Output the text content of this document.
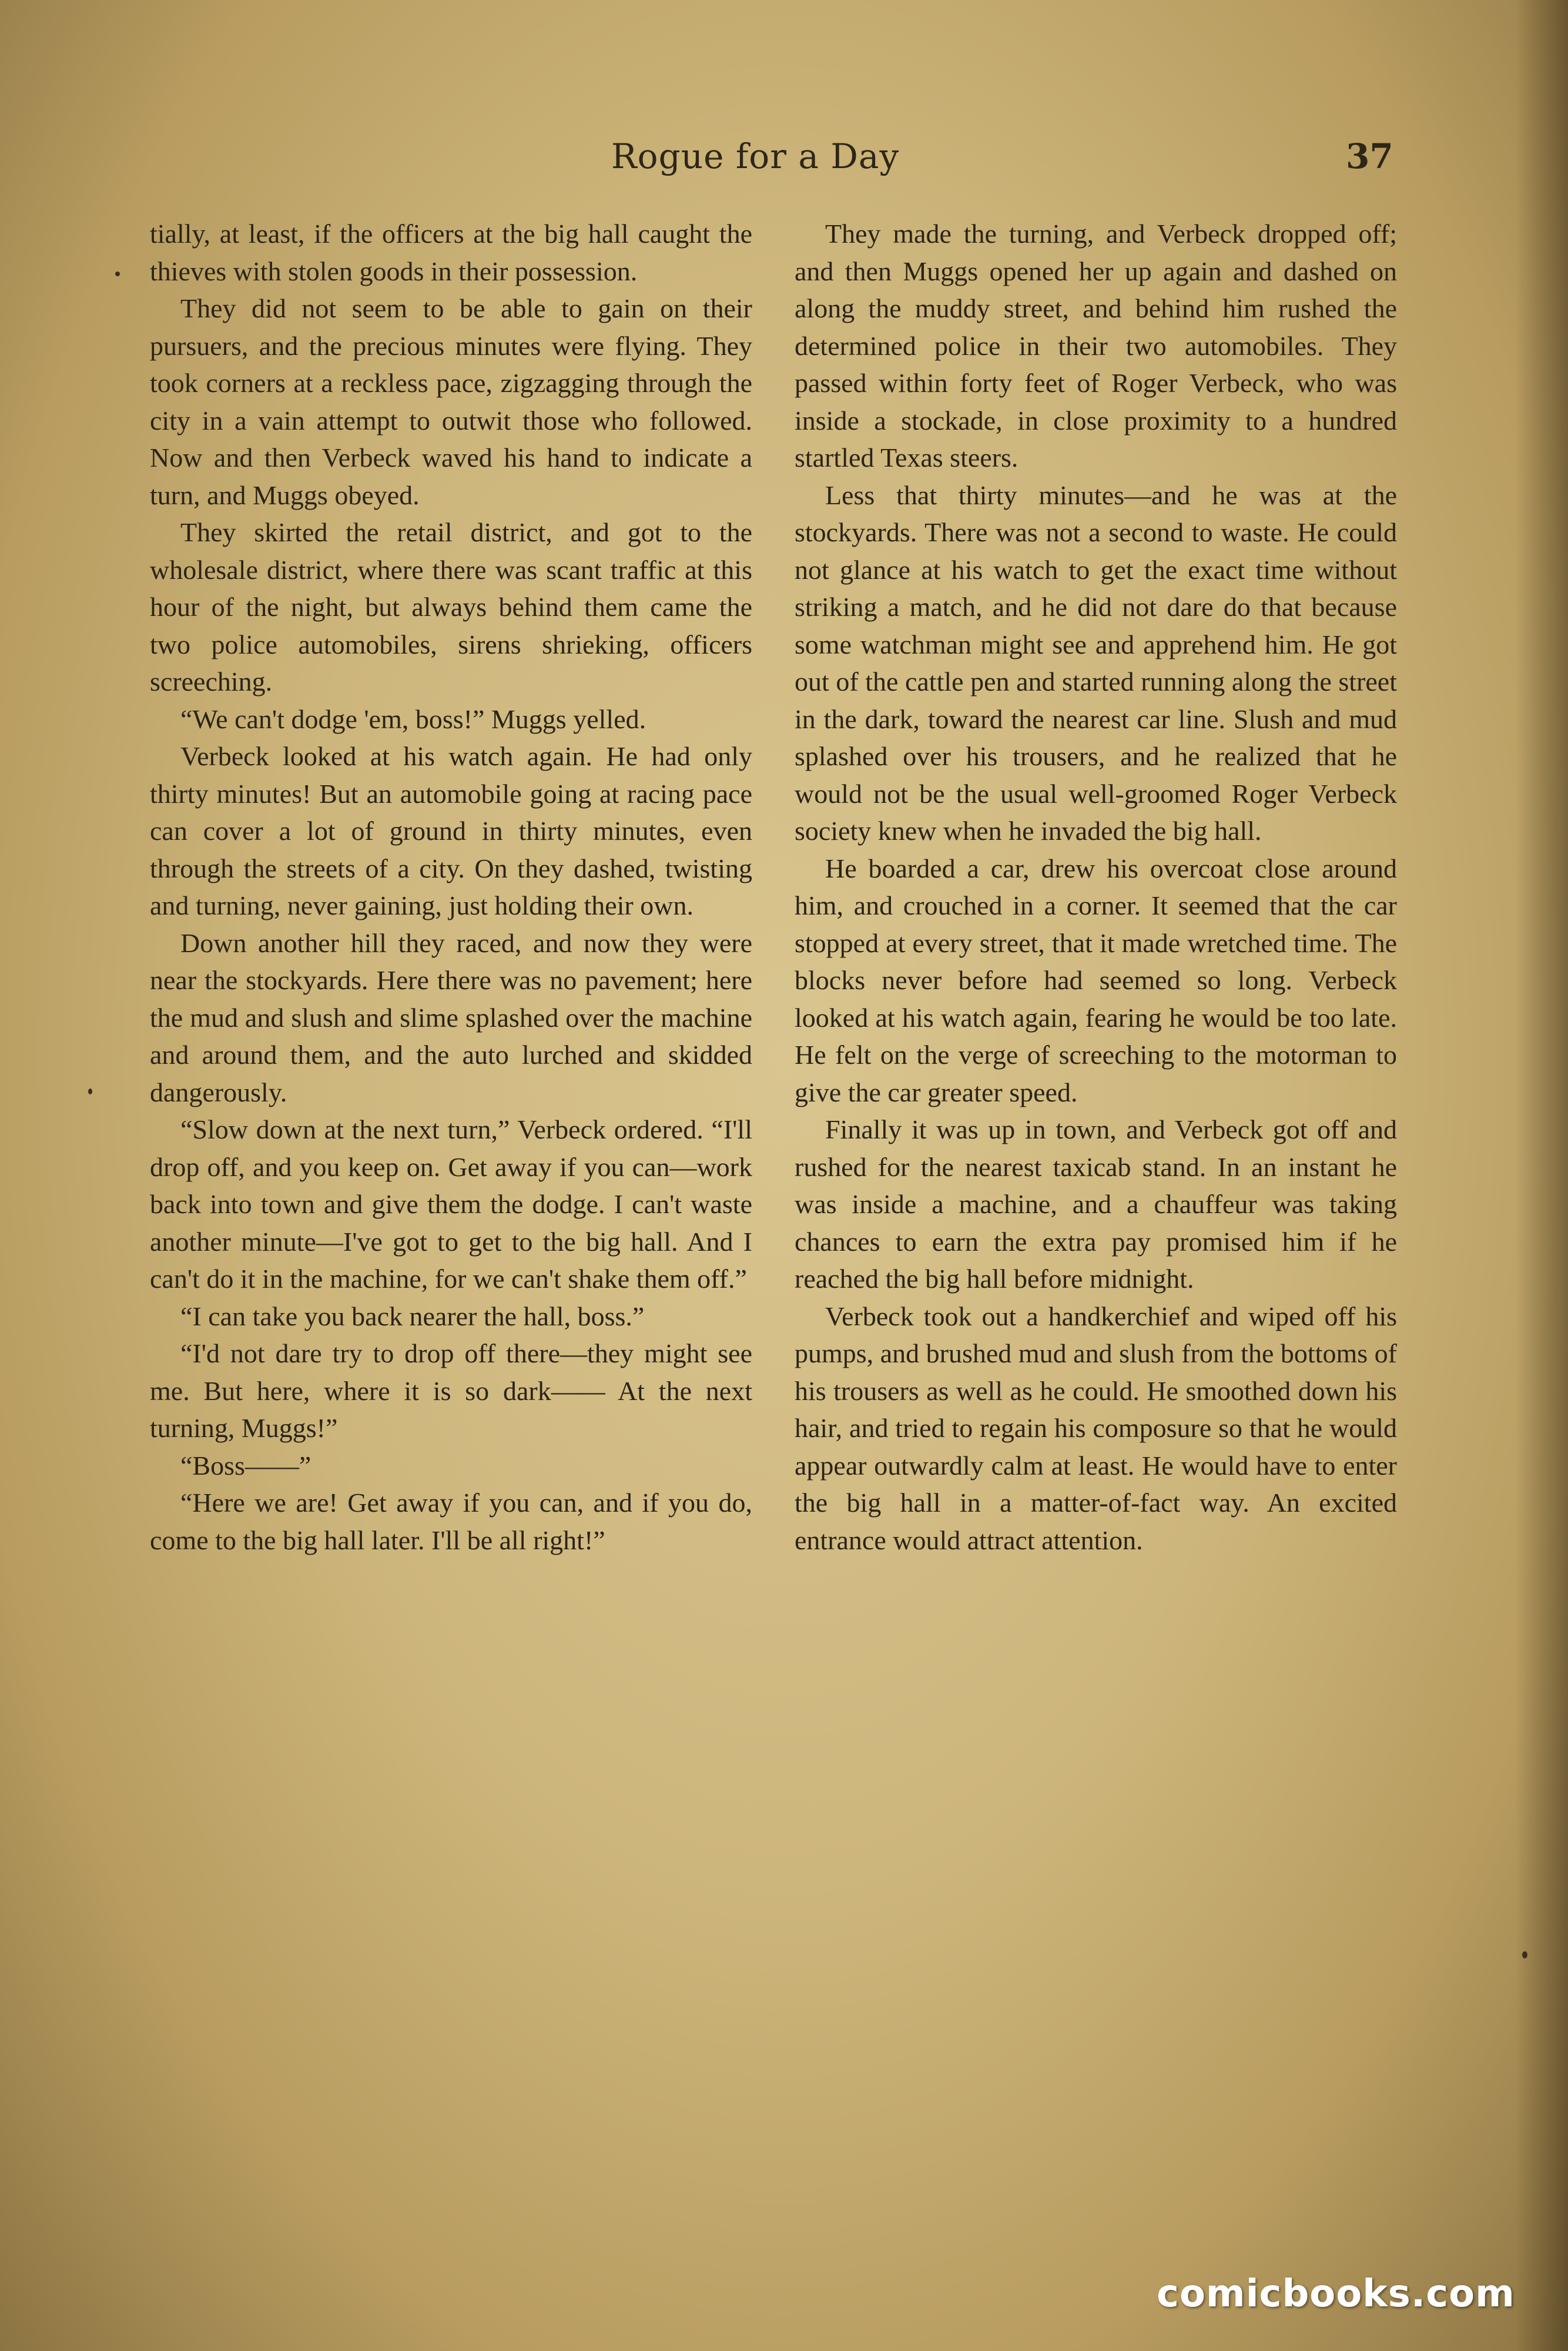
Rogue for a Day	37

tially, at least, if the officers at the big hall caught the thieves with stolen goods in their possession.

They did not seem to be able to gain on their pursuers, and the precious minutes were flying. They took corners at a reckless pace, zigzagging through the city in a vain attempt to outwit those who followed. Now and then Verbeck waved his hand to indicate a turn, and Muggs obeyed.

They skirted the retail district, and got to the wholesale district, where there was scant traffic at this hour of the night, but always behind them came the two police automobiles, sirens shrieking, officers screeching.

“We can't dodge 'em, boss!” Muggs yelled.

Verbeck looked at his watch again. He had only thirty minutes! But an automobile going at racing pace can cover a lot of ground in thirty minutes, even through the streets of a city. On they dashed, twisting and turning, never gaining, just holding their own.

Down another hill they raced, and now they were near the stockyards. Here there was no pavement; here the mud and slush and slime splashed over the machine and around them, and the auto lurched and skidded dangerously.

“Slow down at the next turn,” Verbeck ordered. “I'll drop off, and you keep on. Get away if you can—work back into town and give them the dodge. I can't waste another minute—I've got to get to the big hall. And I can't do it in the machine, for we can't shake them off.”

“I can take you back nearer the hall, boss.”

“I'd not dare try to drop off there—they might see me. But here, where it is so dark—— At the next turning, Muggs!”

“Boss——”

“Here we are! Get away if you can, and if you do, come to the big hall later. I'll be all right!”

They made the turning, and Verbeck dropped off; and then Muggs opened her up again and dashed on along the muddy street, and behind him rushed the determined police in their two automobiles. They passed within forty feet of Roger Verbeck, who was inside a stockade, in close proximity to a hundred startled Texas steers.

Less that thirty minutes—and he was at the stockyards. There was not a second to waste. He could not glance at his watch to get the exact time without striking a match, and he did not dare do that because some watchman might see and apprehend him. He got out of the cattle pen and started running along the street in the dark, toward the nearest car line. Slush and mud splashed over his trousers, and he realized that he would not be the usual well-groomed Roger Verbeck society knew when he invaded the big hall.

He boarded a car, drew his overcoat close around him, and crouched in a corner. It seemed that the car stopped at every street, that it made wretched time. The blocks never before had seemed so long. Verbeck looked at his watch again, fearing he would be too late. He felt on the verge of screeching to the motorman to give the car greater speed.

Finally it was up in town, and Verbeck got off and rushed for the nearest taxicab stand. In an instant he was inside a machine, and a chauffeur was taking chances to earn the extra pay promised him if he reached the big hall before midnight.

Verbeck took out a handkerchief and wiped off his pumps, and brushed mud and slush from the bottoms of his trousers as well as he could. He smoothed down his hair, and tried to regain his composure so that he would appear outwardly calm at least. He would have to enter the big hall in a matter-of-fact way. An excited entrance would attract attention.

comicbooks.com
